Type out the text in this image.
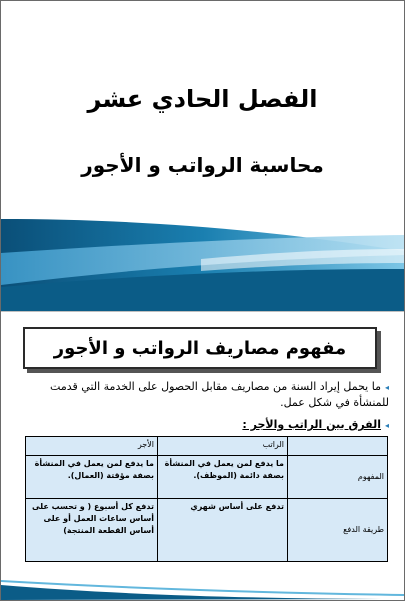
الفصل الحادي عشر
محاسبة الرواتب و الأجور
مفهوم مصاريف الرواتب و الأجور
◂ما يحمل إيراد السنة من مصاريف مقابل الحصول على الخدمة التي قدمت للمنشأة في شكل عمل.
◂الفرق بين الراتب والأجر :
	الراتب	الأجر
المفهوم	ما يدفع لمن يعمل في المنشأة بصفة دائمة (الموظف).	ما يدفع لمن يعمل في المنشأة بصفة مؤقتة (العمال).
طريقة الدفع	تدفع على أساس شهري	تدفع كل أسبوع ( و تحسب على أساس ساعات العمل أو على أساس القطعة المنتجة)
